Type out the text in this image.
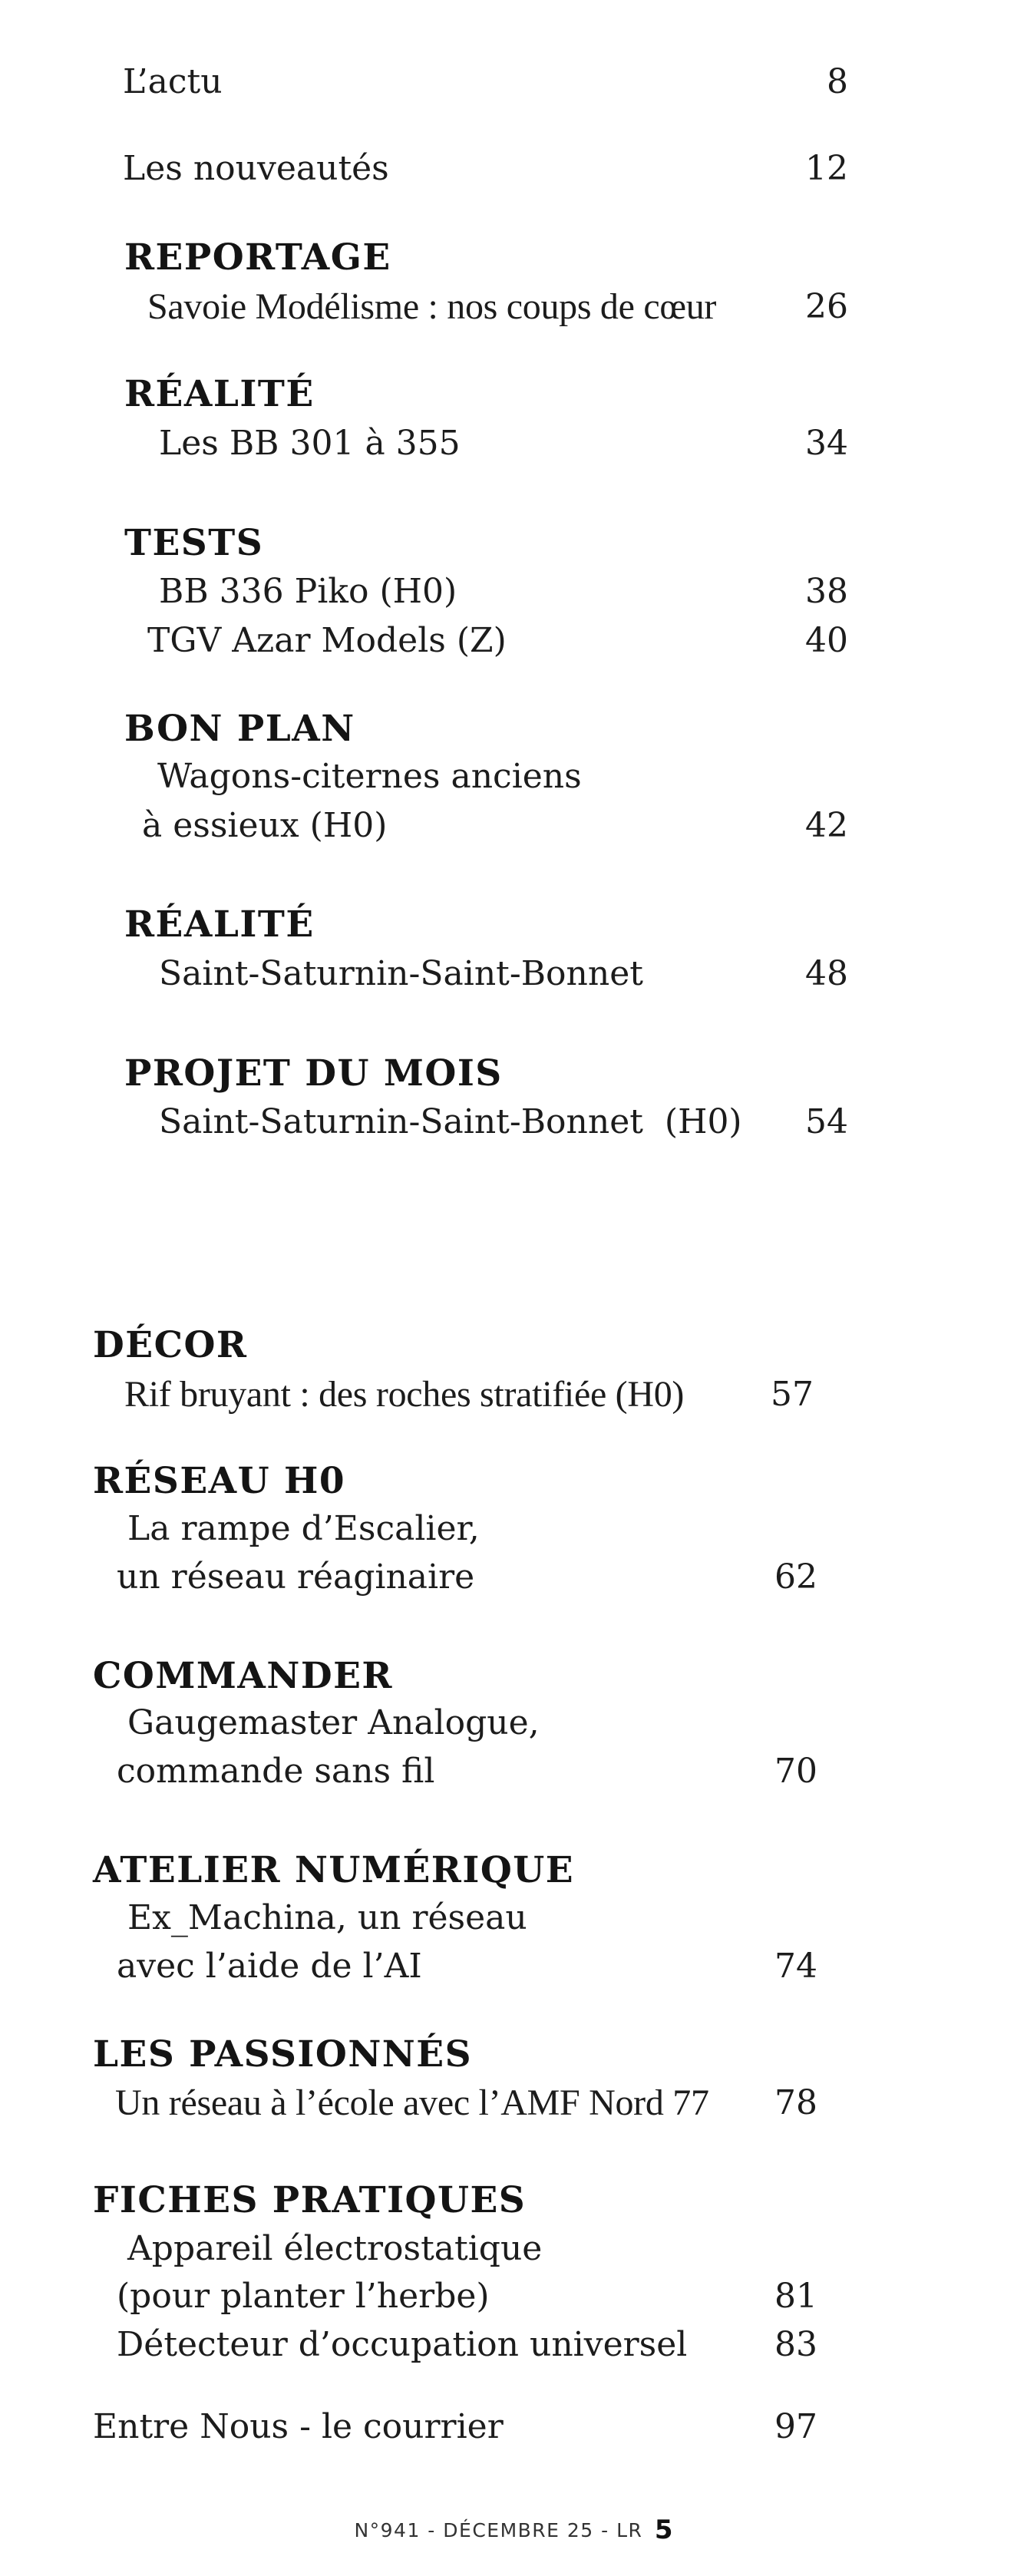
L’actu	8
Les nouveautés	12
REPORTAGE
Savoie Modélisme : nos coups de cœur	26
RÉALITÉ
Les BB 301 à 355	34
TESTS
BB 336 Piko (H0)	38
TGV Azar Models (Z)	40
BON PLAN
Wagons-citernes anciens
à essieux (H0)	42
RÉALITÉ
Saint-Saturnin-Saint-Bonnet	48
PROJET DU MOIS
Saint-Saturnin-Saint-Bonnet  (H0)	54
DÉCOR
Rif bruyant : des roches stratifiée (H0)	57
RÉSEAU H0
La rampe d’Escalier,
un réseau réaginaire	62
COMMANDER
Gaugemaster Analogue,
commande sans fil	70
ATELIER NUMÉRIQUE
Ex_Machina, un réseau
avec l’aide de l’AI	74
LES PASSIONNÉS
Un réseau à l’école avec l’AMF Nord 77	78
FICHES PRATIQUES
Appareil électrostatique
(pour planter l’herbe)	81
Détecteur d’occupation universel	83
Entre Nous - le courrier	97
N°941 - DÉCEMBRE 25 - LR 5
